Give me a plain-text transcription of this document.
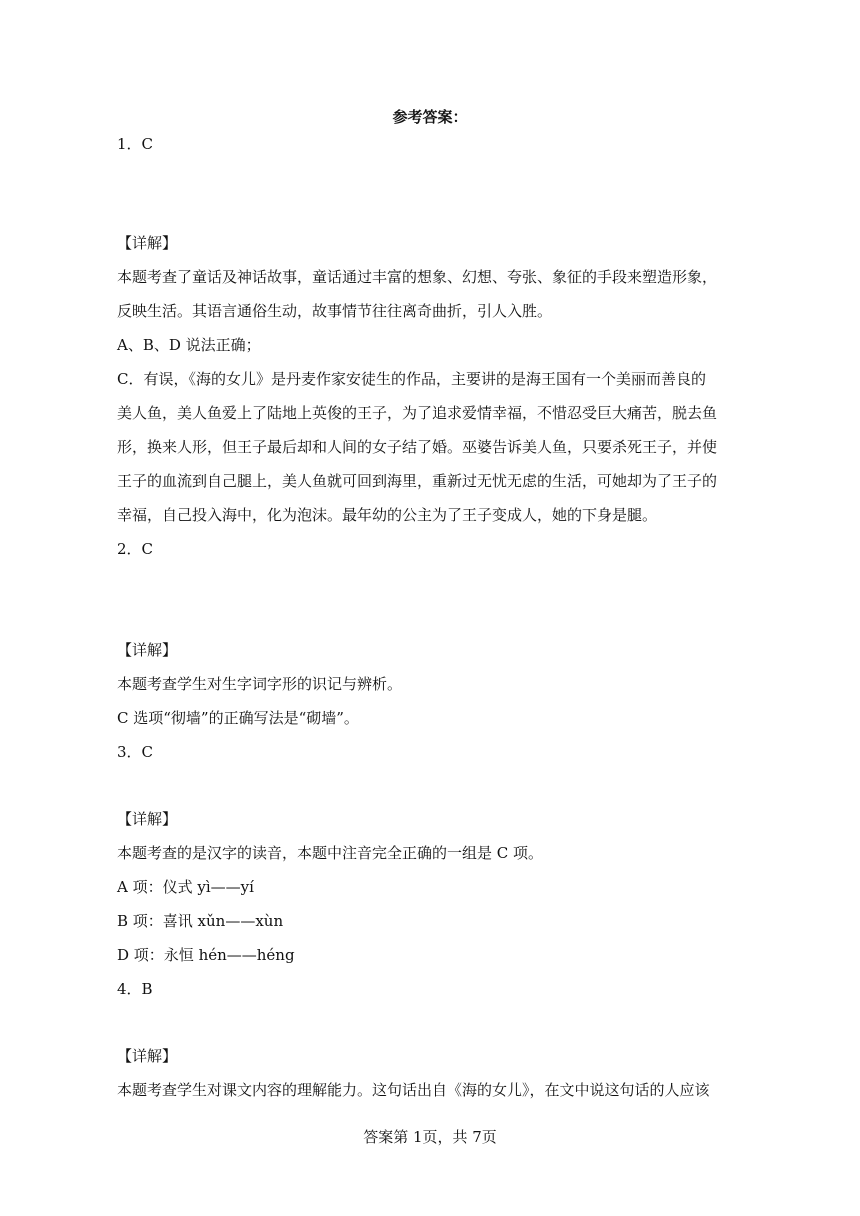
参考答案：
1．C
【详解】
本题考查了童话及神话故事，童话通过丰富的想象、幻想、夸张、象征的手段来塑造形象，
反映生活。其语言通俗生动，故事情节往往离奇曲折，引人入胜。
A、B、D 说法正确；
C．有误，《海的女儿》是丹麦作家安徒生的作品，主要讲的是海王国有一个美丽而善良的
美人鱼，美人鱼爱上了陆地上英俊的王子，为了追求爱情幸福，不惜忍受巨大痛苦，脱去鱼
形，换来人形，但王子最后却和人间的女子结了婚。巫婆告诉美人鱼，只要杀死王子，并使
王子的血流到自己腿上，美人鱼就可回到海里，重新过无忧无虑的生活，可她却为了王子的
幸福，自己投入海中，化为泡沫。最年幼的公主为了王子变成人，她的下身是腿。
2．C
【详解】
本题考查学生对生字词字形的识记与辨析。
C 选项“彻墙”的正确写法是“砌墙”。
3．C
【详解】
本题考查的是汉字的读音，本题中注音完全正确的一组是 C 项。
A 项：仪式 yì——yí
B 项：喜讯 xǔn——xùn
D 项：永恒 hén——héng
4．B
【详解】
本题考查学生对课文内容的理解能力。这句话出自《海的女儿》，在文中说这句话的人应该
答案第 1页，共 7页
